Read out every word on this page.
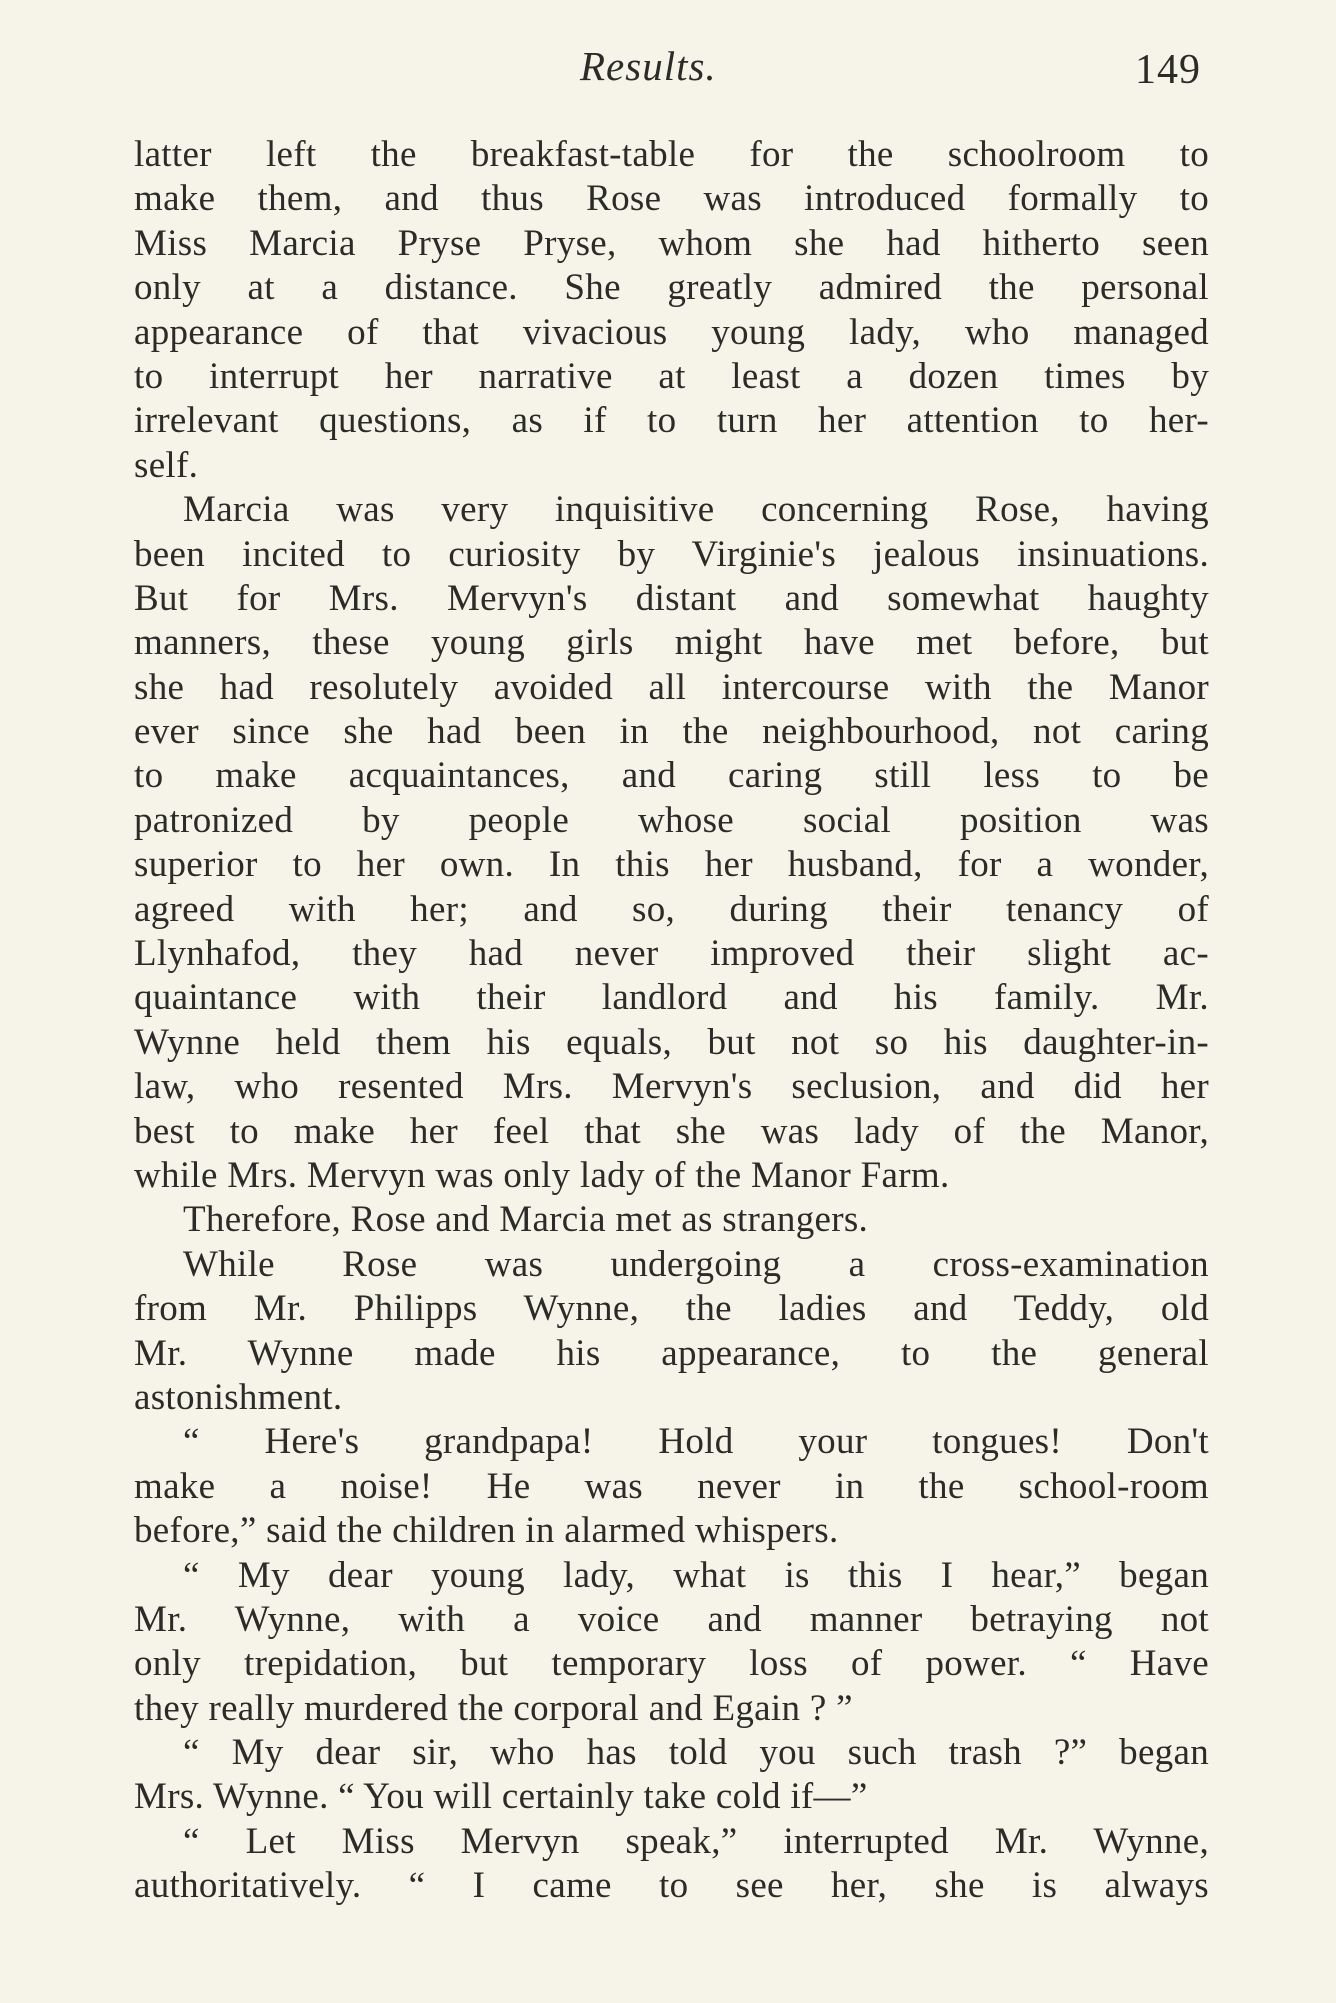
Results.	149
latter left the breakfast-table for the schoolroom to
make them, and thus Rose was introduced formally to
Miss Marcia Pryse Pryse, whom she had hitherto seen
only at a distance. She greatly admired the personal
appearance of that vivacious young lady, who managed
to interrupt her narrative at least a dozen times by
irrelevant questions, as if to turn her attention to her-
self.
Marcia was very inquisitive concerning Rose, having
been incited to curiosity by Virginie's jealous insinuations.
But for Mrs. Mervyn's distant and somewhat haughty
manners, these young girls might have met before, but
she had resolutely avoided all intercourse with the Manor
ever since she had been in the neighbourhood, not caring
to make acquaintances, and caring still less to be
patronized by people whose social position was
superior to her own. In this her husband, for a wonder,
agreed with her; and so, during their tenancy of
Llynhafod, they had never improved their slight ac-
quaintance with their landlord and his family. Mr.
Wynne held them his equals, but not so his daughter-in-
law, who resented Mrs. Mervyn's seclusion, and did her
best to make her feel that she was lady of the Manor,
while Mrs. Mervyn was only lady of the Manor Farm.
Therefore, Rose and Marcia met as strangers.
While Rose was undergoing a cross-examination
from Mr. Philipps Wynne, the ladies and Teddy, old
Mr. Wynne made his appearance, to the general
astonishment.
“ Here's grandpapa! Hold your tongues! Don't
make a noise! He was never in the school-room
before,” said the children in alarmed whispers.
“ My dear young lady, what is this I hear,” began
Mr. Wynne, with a voice and manner betraying not
only trepidation, but temporary loss of power. “ Have
they really murdered the corporal and Egain ? ”
“ My dear sir, who has told you such trash ?” began
Mrs. Wynne. “ You will certainly take cold if—”
“ Let Miss Mervyn speak,” interrupted Mr. Wynne,
authoritatively. “ I came to see her, she is always
